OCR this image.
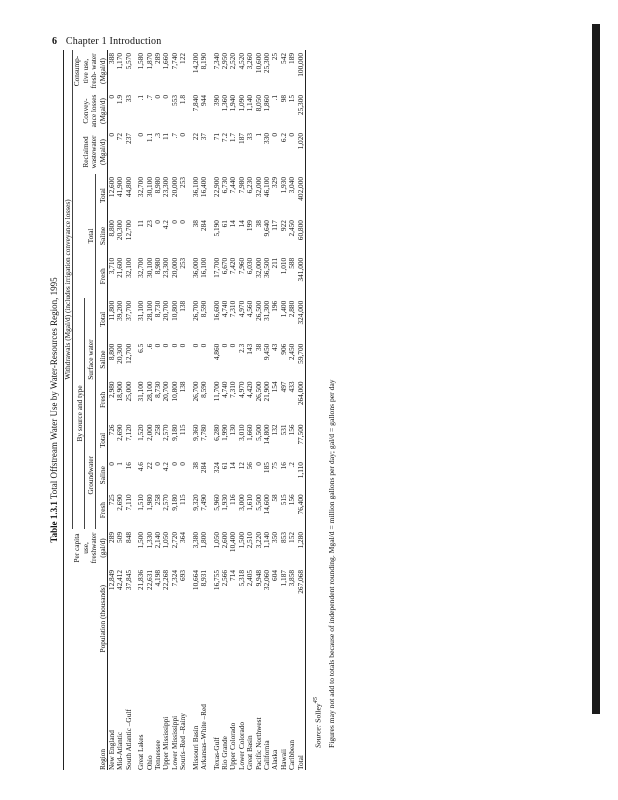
6 Chapter 1 Introduction
Table 1.3.1 Total Offstream Water Use by Water-Resources Region, 1995
Region	Population (thousands)	Per capita use, freshwater (gal/d)	Withdrawals (Mgal/d) (includes irrigation conveyance losses)											
			By source and type						Total			Reclaimed wastewater (Mgal/d)	Convey- ance losses (Mgal/d)	Consump- tive use, fresh- water (Mgal/d)
			Groundwater			Surface water								
			Fresh	Saline	Total	Fresh	Saline	Total	Fresh	Saline	Total			
New England	12,849	289	725	0	726	2,980	8,800	11,800	3,710	8,800	12,600	0	0	388
Mid-Atlantic	42,412	509	2,690	1	2,690	18,900	20,300	39,200	21,600	20,300	41,900	72	1.9	1,170
South Atlantic –Gulf	37,845	848	7,110	16	7,120	25,000	12,700	37,700	32,100	12,700	44,800	237	33	5,570
Great Lakes	21,836	1,500	1,510	4.6	1,520	31,100	6.5	31,100	32,700	11	32,700	0	.1	1,580
Ohio	22,631	1,330	1,980	22	2,000	28,100	.6	28,100	30,100	23	30,100	1.1	.7	1,870
Tennessee	4,198	2,140	258	0	258	8,730	0	8,730	8,980	0	8,980	.3	0	289
Upper Mississippi	22,268	1,050	2,570	4.2	2,570	20,700	0	20,700	23,300	4.2	23,300	11	0	1,660
Lower Mississippi	7,324	2,720	9,180	0	9,180	10,800	0	10,800	20,000	0	20,000	.7	553	7,740
Souris–Red –Rainy	693	364	115	0	115	138	0	138	253	0	253	0	1.8	122
Missouri Basin	10,664	3,380	9,320	38	9,360	26,700	0	26,700	36,000	38	36,100	22	7,840	14,200
Arkansas–White –Red	8,931	1,800	7,490	284	7,780	8,590	0	8,590	16,100	284	16,400	37	944	8,190
Texas-Gulf	16,755	1,050	5,960	324	6,280	11,700	4,860	16,600	17,700	5,190	22,900	71	390	7,340
Rio Grande	2,566	2,600	1,930	61	1,990	4,740	0	4,740	6,670	61	6,730	7.2	1,360	2,950
Upper Colorado	714	10,400	116	14	130	7,310	0	7,310	7,420	14	7,440	1.7	1,940	2,520
Lower Colorado	5,318	1,500	3,000	12	3,010	4,970	2.3	4,970	7,960	14	7,980	187	1,090	4,520
Great Basin	2,405	2,510	1,610	56	1,660	4,420	143	4,560	6,030	199	6,230	33	1,140	3,260
Pacific Northwest	9,948	3,220	5,500	0	5,500	26,500	38	26,500	32,000	38	32,000	1	8,050	10,600
California	32,060	1,140	14,600	185	14,800	21,900	9,450	31,300	36,500	9,640	46,100	330	1,860	25,300
Alaska	604	350	58	75	132	154	43	196	211	117	329	0	.1	25
Hawaii	1,187	853	515	16	531	497	906	1,400	1,010	922	1,930	6.2	98	542
Caribbean	3,858	152	156	.2	156	433	2,450	2,880	588	2,450	3,040	0	15	189
Total	267,068	1,280	76,400	1,110	77,500	264,000	59,700	324,000	341,000	60,800	402,000	1,020	25,300	100,000
Source: Solley$^{45}$ Figures may not add to totals because of independent rounding. Mgal/d = million gallons per day; gal/d = gallons per day
